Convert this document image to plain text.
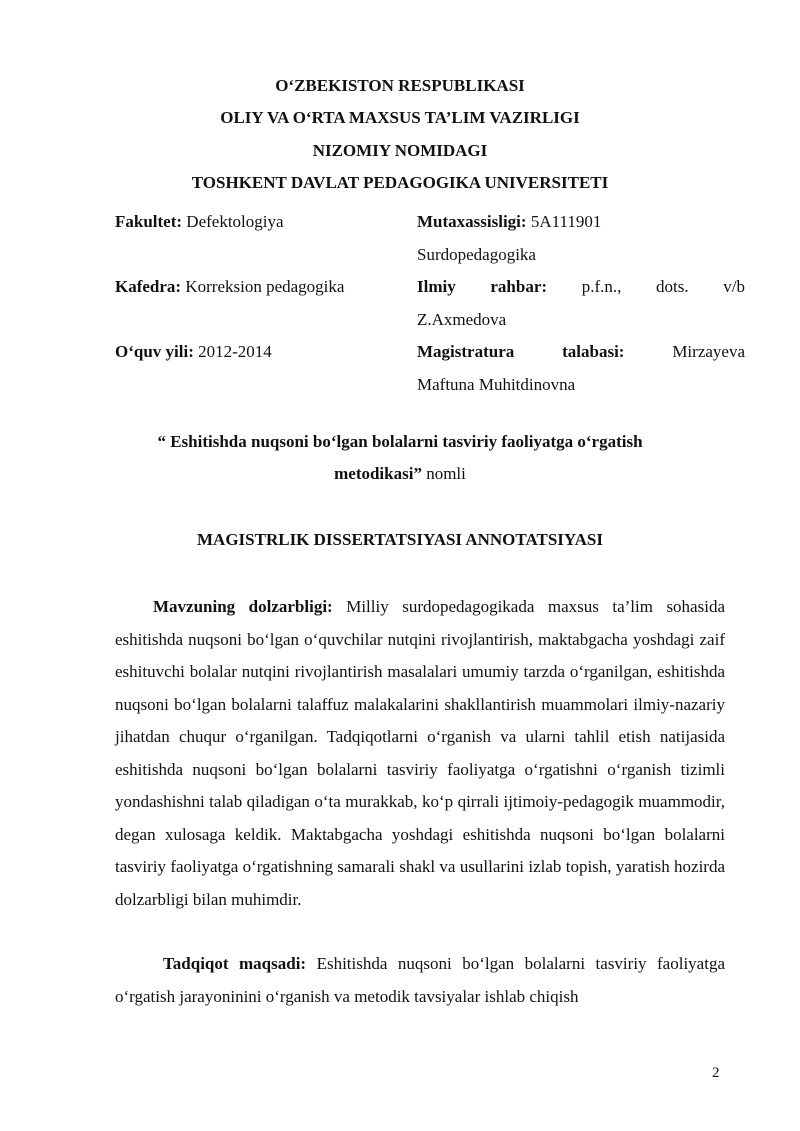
O‘ZBEKISTON RESPUBLIKASI
OLIY VA O‘RTA MAXSUS TA’LIM VAZIRLIGI
NIZOMIY NOMIDAGI
TOSHKENT DAVLAT PEDAGOGIKA UNIVERSITETI
Fakultet: Defektologiya	Mutaxassisligi: 5A111901
Surdopedagogika
Kafedra: Korreksion pedagogika	Ilmiy rahbar: p.f.n., dots. v/b
Z.Axmedova
O‘quv yili: 2012-2014	Magistratura talabasi:	Mirzayeva
Maftuna Muhitdinovna
“ Eshitishda nuqsoni bo‘lgan bolalarni tasviriy faoliyatga o‘rgatish
metodikasi” nomli
MAGISTRLIK DISSERTATSIYASI ANNOTATSIYASI
Mavzuning dolzarbligi: Milliy surdopedagogikada maxsus ta’lim sohasida eshitishda nuqsoni bo‘lgan o‘quvchilar nutqini rivojlantirish, maktabgacha yoshdagi zaif eshituvchi bolalar nutqini rivojlantirish masalalari umumiy tarzda o‘rganilgan, eshitishda nuqsoni bo‘lgan bolalarni talaffuz malakalarini shakllantirish muammolari ilmiy-nazariy jihatdan chuqur o‘rganilgan. Tadqiqotlarni o‘rganish va ularni tahlil etish natijasida eshitishda nuqsoni bo‘lgan bolalarni tasviriy faoliyatga o‘rgatishni o‘rganish tizimli yondashishni talab qiladigan o‘ta murakkab, ko‘p qirrali ijtimoiy-pedagogik muammodir, degan xulosaga keldik. Maktabgacha yoshdagi eshitishda nuqsoni bo‘lgan bolalarni tasviriy faoliyatga o‘rgatishning samarali shakl va usullarini izlab topish, yaratish hozirda dolzarbligi bilan muhimdir.
Tadqiqot maqsadi: Eshitishda nuqsoni bo‘lgan bolalarni tasviriy faoliyatga o‘rgatish jarayoninini o‘rganish va metodik tavsiyalar ishlab chiqish
2
